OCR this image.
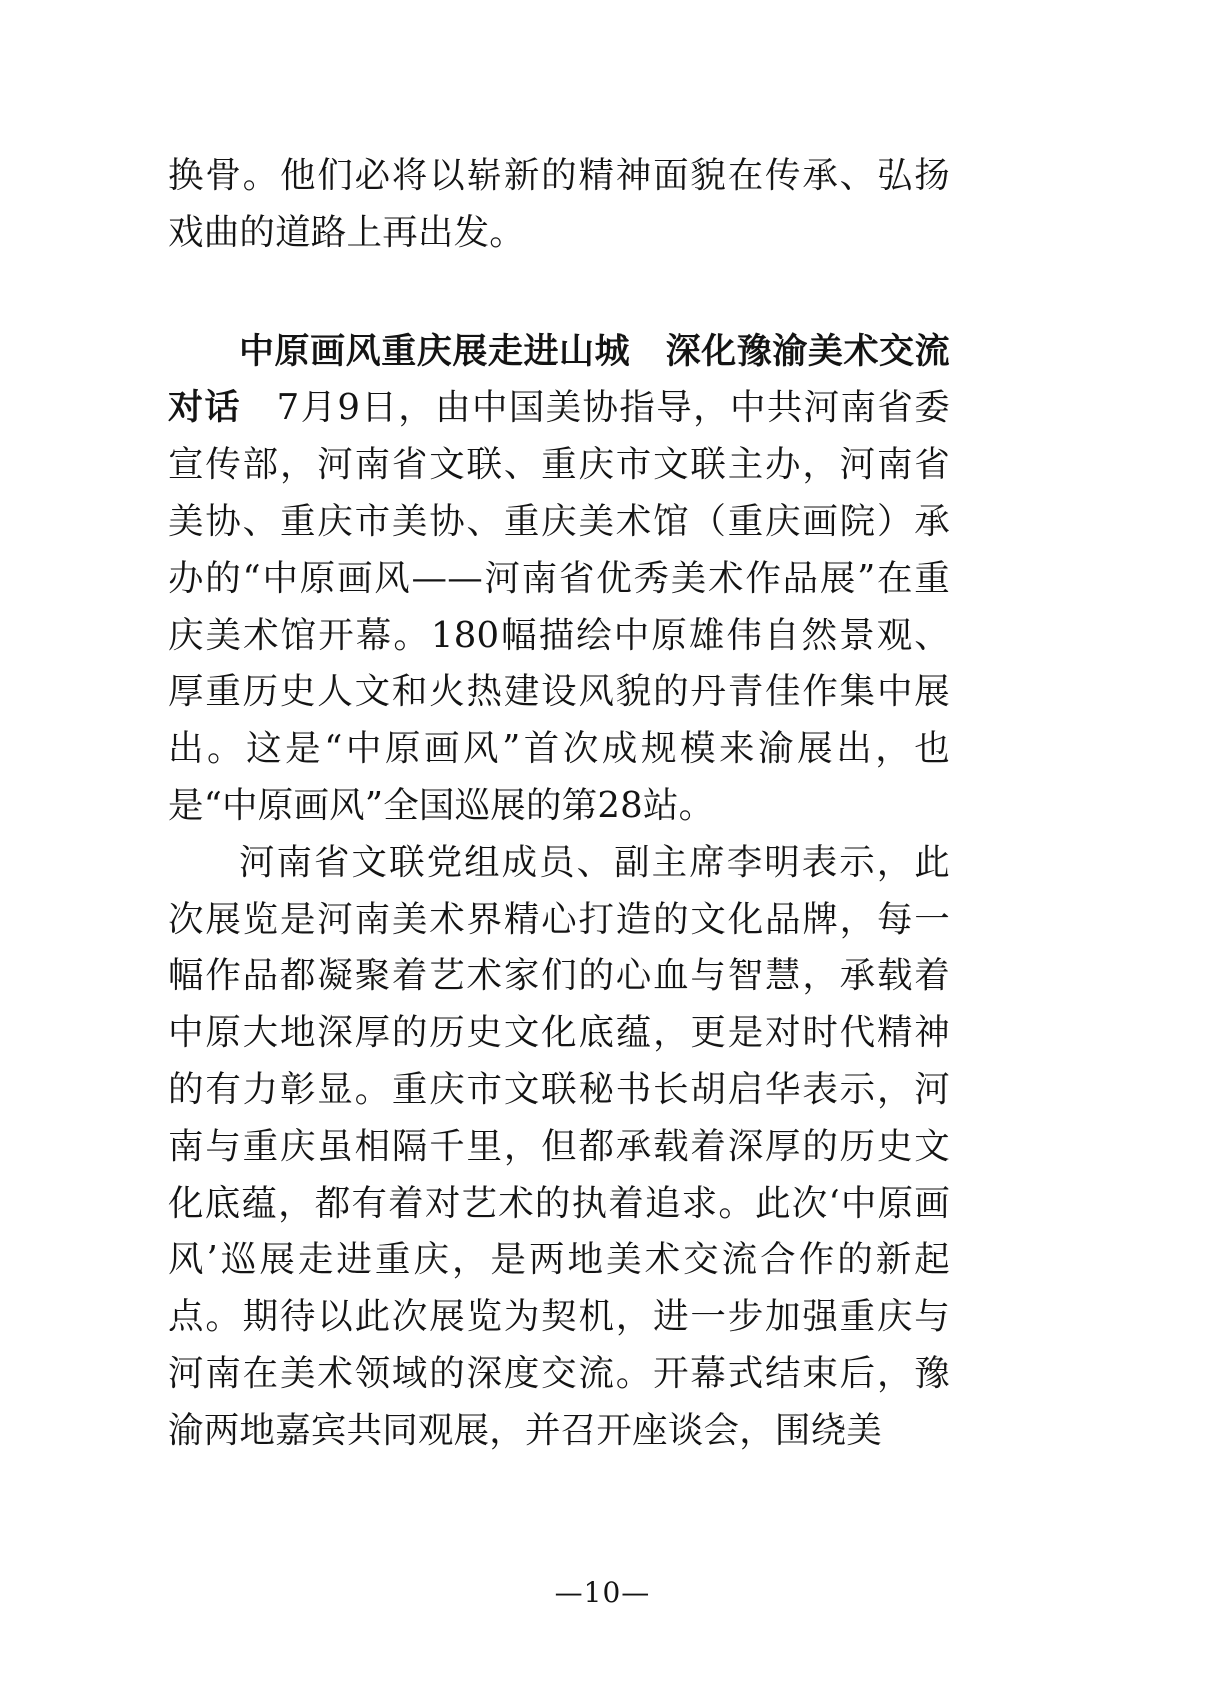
换骨。他们必将以崭新的精神面貌在传承、弘扬戏曲的道路上再出发。

中原画风重庆展走进山城　深化豫渝美术交流对话 7月9日，由中国美协指导，中共河南省委宣传部，河南省文联、重庆市文联主办，河南省美协、重庆市美协、重庆美术馆（重庆画院）承办的“中原画风——河南省优秀美术作品展”在重庆美术馆开幕。180幅描绘中原雄伟自然景观、厚重历史人文和火热建设风貌的丹青佳作集中展出。这是“中原画风”首次成规模来渝展出，也是“中原画风”全国巡展的第28站。

河南省文联党组成员、副主席李明表示，此次展览是河南美术界精心打造的文化品牌，每一幅作品都凝聚着艺术家们的心血与智慧，承载着中原大地深厚的历史文化底蕴，更是对时代精神的有力彰显。重庆市文联秘书长胡启华表示，河南与重庆虽相隔千里，但都承载着深厚的历史文化底蕴，都有着对艺术的执着追求。此次‘中原画风’巡展走进重庆，是两地美术交流合作的新起点。期待以此次展览为契机，进一步加强重庆与河南在美术领域的深度交流。开幕式结束后，豫渝两地嘉宾共同观展，并召开座谈会，围绕美

—10—
